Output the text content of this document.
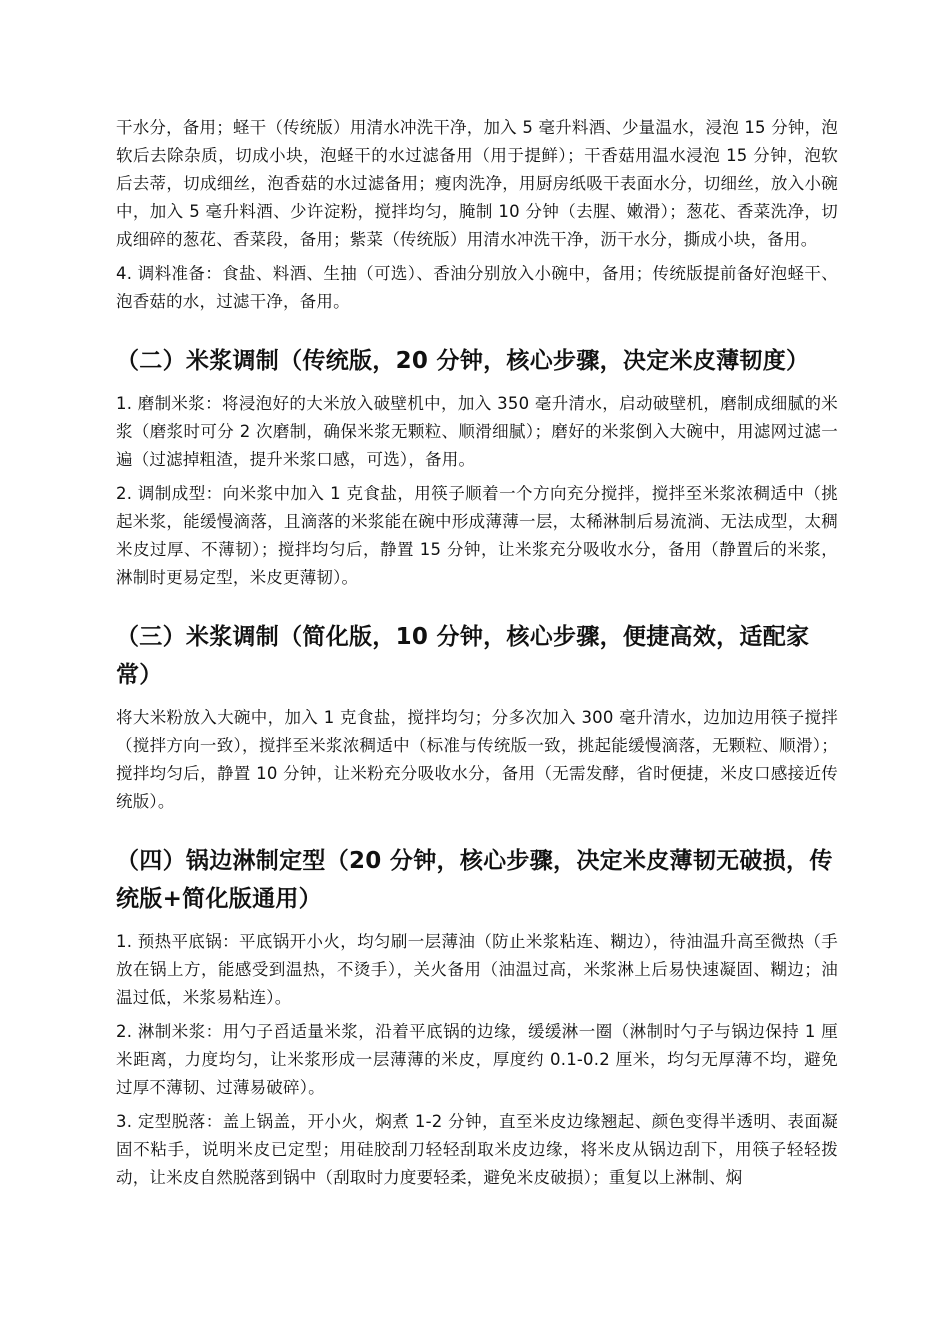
干水分，备用；蛏干（传统版）用清水冲洗干净，加入 5 毫升料酒、少量温水，浸泡 15 分钟，泡软后去除杂质，切成小块，泡蛏干的水过滤备用（用于提鲜）；干香菇用温水浸泡 15 分钟，泡软后去蒂，切成细丝，泡香菇的水过滤备用；瘦肉洗净，用厨房纸吸干表面水分，切细丝，放入小碗中，加入 5 毫升料酒、少许淀粉，搅拌均匀，腌制 10 分钟（去腥、嫩滑）；葱花、香菜洗净，切成细碎的葱花、香菜段，备用；紫菜（传统版）用清水冲洗干净，沥干水分，撕成小块，备用。

4. 调料准备：食盐、料酒、生抽（可选）、香油分别放入小碗中，备用；传统版提前备好泡蛏干、泡香菇的水，过滤干净，备用。

（二）米浆调制（传统版，20 分钟，核心步骤，决定米皮薄韧度）

1. 磨制米浆：将浸泡好的大米放入破壁机中，加入 350 毫升清水，启动破壁机，磨制成细腻的米浆（磨浆时可分 2 次磨制，确保米浆无颗粒、顺滑细腻）；磨好的米浆倒入大碗中，用滤网过滤一遍（过滤掉粗渣，提升米浆口感，可选），备用。

2. 调制成型：向米浆中加入 1 克食盐，用筷子顺着一个方向充分搅拌，搅拌至米浆浓稠适中（挑起米浆，能缓慢滴落，且滴落的米浆能在碗中形成薄薄一层，太稀淋制后易流淌、无法成型，太稠米皮过厚、不薄韧）；搅拌均匀后，静置 15 分钟，让米浆充分吸收水分，备用（静置后的米浆，淋制时更易定型，米皮更薄韧）。

（三）米浆调制（简化版，10 分钟，核心步骤，便捷高效，适配家常）

将大米粉放入大碗中，加入 1 克食盐，搅拌均匀；分多次加入 300 毫升清水，边加边用筷子搅拌（搅拌方向一致），搅拌至米浆浓稠适中（标准与传统版一致，挑起能缓慢滴落，无颗粒、顺滑）；搅拌均匀后，静置 10 分钟，让米粉充分吸收水分，备用（无需发酵，省时便捷，米皮口感接近传统版）。

（四）锅边淋制定型（20 分钟，核心步骤，决定米皮薄韧无破损，传统版+简化版通用）

1. 预热平底锅：平底锅开小火，均匀刷一层薄油（防止米浆粘连、糊边），待油温升高至微热（手放在锅上方，能感受到温热，不烫手），关火备用（油温过高，米浆淋上后易快速凝固、糊边；油温过低，米浆易粘连）。

2. 淋制米浆：用勺子舀适量米浆，沿着平底锅的边缘，缓缓淋一圈（淋制时勺子与锅边保持 1 厘米距离，力度均匀，让米浆形成一层薄薄的米皮，厚度约 0.1-0.2 厘米，均匀无厚薄不均，避免过厚不薄韧、过薄易破碎）。

3. 定型脱落：盖上锅盖，开小火，焖煮 1-2 分钟，直至米皮边缘翘起、颜色变得半透明、表面凝固不粘手，说明米皮已定型；用硅胶刮刀轻轻刮取米皮边缘，将米皮从锅边刮下，用筷子轻轻拨动，让米皮自然脱落到锅中（刮取时力度要轻柔，避免米皮破损）；重复以上淋制、焖
